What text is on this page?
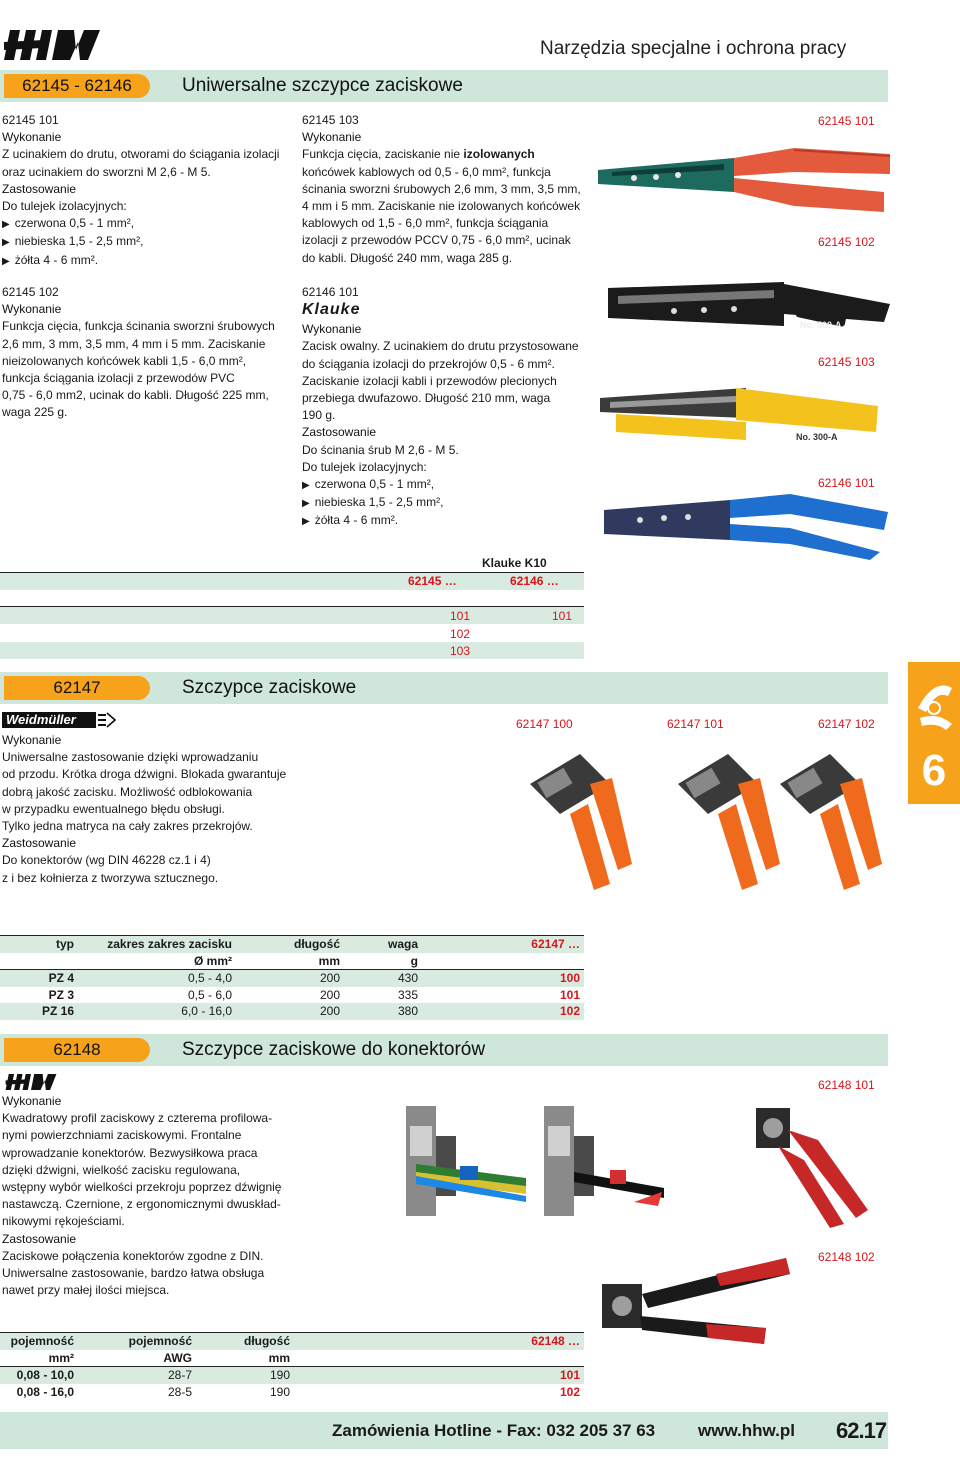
Narzędzia specjalne i ochrona pracy
62145 - 62146	Uniwersalne szczypce zaciskowe
62145 101
Wykonanie
Z ucinakiem do drutu, otworami do ściągania izolacji
oraz ucinakiem do sworzni M 2,6 - M 5.
Zastosowanie
Do tulejek izolacyjnych:
▶ czerwona 0,5 - 1 mm²,
▶ niebieska 1,5 - 2,5 mm²,
▶ żółta 4 - 6 mm².
62145 103
Wykonanie
Funkcja cięcia, zaciskanie nie izolowanych
końcówek kablowych od 0,5 - 6,0 mm², funkcja
ścinania sworzni śrubowych 2,6 mm, 3 mm, 3,5 mm,
4 mm i 5 mm. Zaciskanie nie izolowanych końcówek
kablowych od 1,5 - 6,0 mm², funkcja ściągania
izolacji z przewodów PCCV 0,75 - 6,0 mm², ucinak
do kabli. Długość 240 mm, waga 285 g.
62145 102
Wykonanie
Funkcja cięcia, funkcja ścinania sworzni śrubowych
2,6 mm, 3 mm, 3,5 mm, 4 mm i 5 mm. Zaciskanie
nieizolowanych końcówek kabli 1,5 - 6,0 mm²,
funkcja ściągania izolacji z przewodów PVC
0,75 - 6,0 mm2, ucinak do kabli. Długość 225 mm,
waga 225 g.
62146 101
Klauke
Wykonanie
Zacisk owalny. Z ucinakiem do drutu przystosowane
do ściągania izolacji do przekrojów 0,5 - 6 mm².
Zaciskanie izolacji kabli i przewodów plecionych
przebiega dwufazowo. Długość 210 mm, waga
190 g.
Zastosowanie
Do ścinania śrub M 2,6 - M 5.
Do tulejek izolacyjnych:
▶ czerwona 0,5 - 1 mm²,
▶ niebieska 1,5 - 2,5 mm²,
▶ żółta 4 - 6 mm².
62145 101
62145 102
62145 103
62146 101
No. 500-A
No. 300-A
Klauke K10
62145 …	62146 …
101	101
102
103
62147	Szczypce zaciskowe
6
Weidmüller
Wykonanie
Uniwersalne zastosowanie dzięki wprowadzaniu
od przodu. Krótka droga dźwigni. Blokada gwarantuje
dobrą jakość zacisku. Możliwość odblokowania
w przypadku ewentualnego błędu obsługi.
Tylko jedna matryca na cały zakres przekrojów.
Zastosowanie
Do konektorów (wg DIN 46228 cz.1 i 4)
z i bez kołnierza z tworzywa sztucznego.
62147 100	62147 101	62147 102
typ	zakres zakres zacisku	długość	waga	62147 …
	Ø mm²	mm	g	
PZ 4	0,5 - 4,0	200	430	100
PZ 3	0,5 - 6,0	200	335	101
PZ 16	6,0 - 16,0	200	380	102
62148	Szczypce zaciskowe do konektorów
Wykonanie
Kwadratowy profil zaciskowy z czterema profilowa-
nymi powierzchniami zaciskowymi. Frontalne
wprowadzanie konektorów. Bezwysiłkowa praca
dzięki dźwigni, wielkość zacisku regulowana,
wstępny wybór wielkości przekroju poprzez dźwignię
nastawczą. Czernione, z ergonomicznymi dwuskład-
nikowymi rękojeściami.
Zastosowanie
Zaciskowe połączenia konektorów zgodne z DIN.
Uniwersalne zastosowanie, bardzo łatwa obsługa
nawet przy małej ilości miejsca.
62148 101
62148 102
pojemność	pojemność	długość	62148 …
mm²	AWG	mm	
0,08 - 10,0	28-7	190	101
0,08 - 16,0	28-5	190	102
Zamówienia Hotline - Fax: 032 205 37 63	www.hhw.pl 62.17
